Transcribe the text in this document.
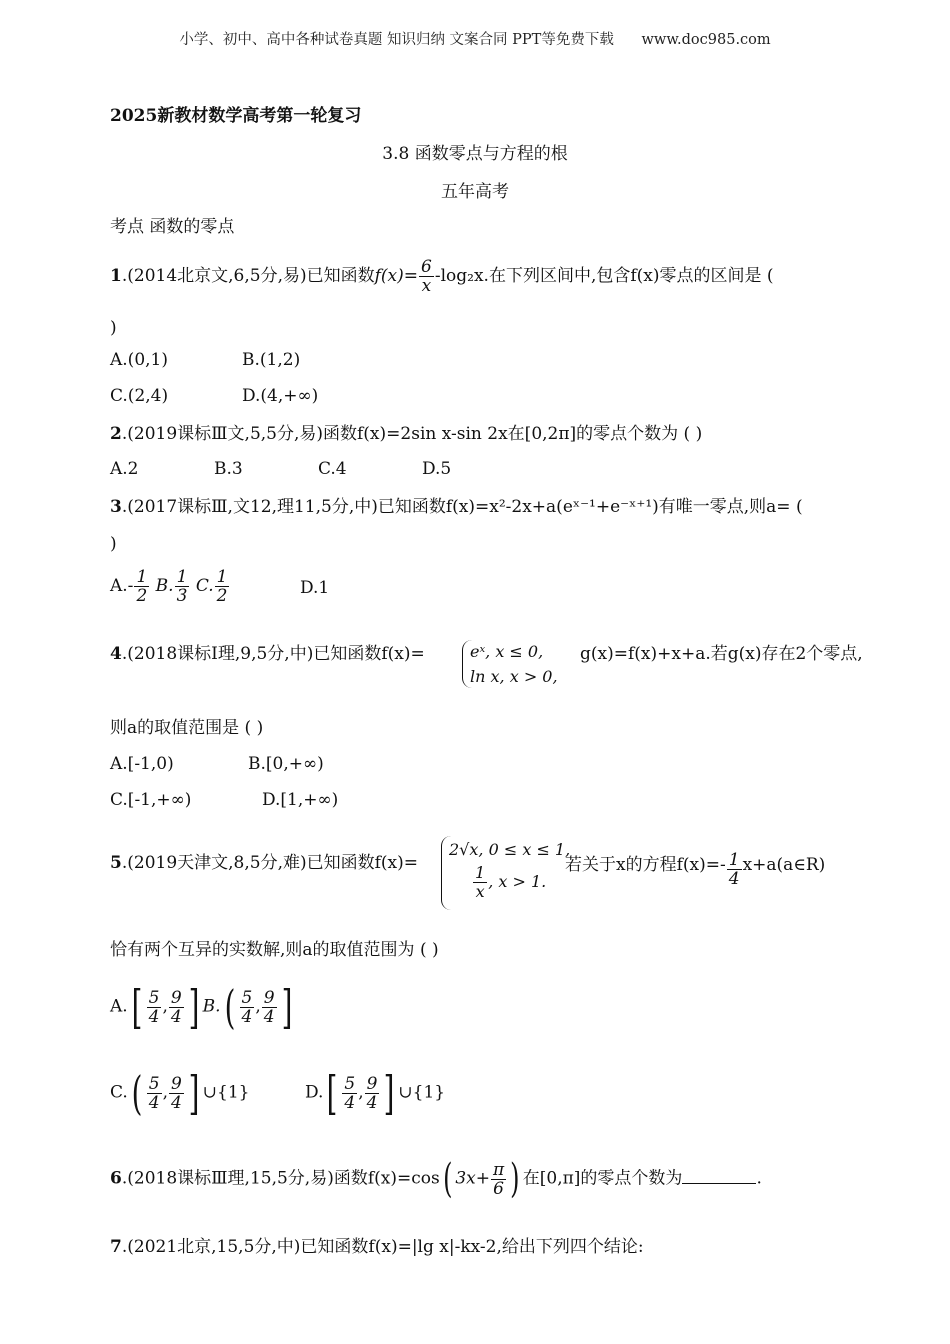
小学、初中、高中各种试卷真题 知识归纳 文案合同 PPT等免费下载      www.doc985.com
2025新教材数学高考第一轮复习
3.8 函数零点与方程的根
五年高考
考点 函数的零点
1.(2014北京文,6,5分,易)已知函数$f(x)= \frac{6}{x} -\log_2x$.在下列区间中,包含f(x)零点的区间是 (
)
A.(0,1)	B.(1,2)
C.(2,4)	D.(4,+∞)
2.(2019课标Ⅲ文,5,5分,易)函数f(x)=2sin x-sin 2x在[0,2π]的零点个数为 ( )
A.2	B.3	C.4	D.5
3.(2017课标Ⅲ,文12,理11,5分,中)已知函数f(x)=x²-2x+a(eˣ⁻¹+e⁻ˣ⁺¹)有唯一零点,则a= (
)
$A.- \frac{1}{2} B$. $\frac{1}{3} C$. $\frac{1}{2}$	D.1
4.(2018课标Ⅰ理,9,5分,中)已知函数f(x)=	eˣ, x ≤ 0,
ln x, x > 0,
g(x)=f(x)+x+a.若g(x)存在2个零点,
则a的取值范围是 ( )
A.[-1,0)	B.[0,+∞)
C.[-1,+∞)	D.[1,+∞)
5.(2019天津文,8,5分,难)已知函数f(x)=
2√x, 0 ≤ x ≤ 1,
$\frac{1}{x}$ , x > 1.
若关于x的方程$f(x)=- \frac{1}{4}$ x+a(a∈R)
恰有两个互异的实数解,则a的取值范围为 ( )
$A.[ \frac{5}{4}$ , $\frac{9}{4}$ ] $B.( \frac{5}{4}$ , $\frac{9}{4}$ ]
$C.( \frac{5}{4}$ , $\frac{9}{4}$ ] ∪{1}	$D.[ \frac{5}{4}$ , $\frac{9}{4}$ ] ∪{1}
6.(2018课标Ⅲ理,15,5分,易)函数f(x)=cos( $3x+ \frac{\pi}{6}$ ) 在[0,π]的零点个数为	.
7.(2021北京,15,5分,中)已知函数f(x)=|lg x|-kx-2,给出下列四个结论:
